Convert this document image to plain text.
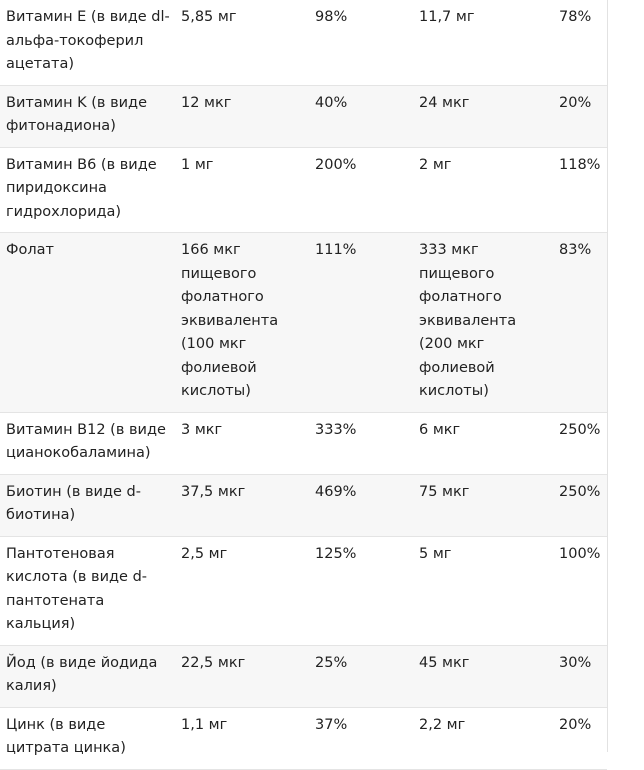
Витамин E (в виде dl-альфа-токоферил ацетата)	5,85 мг	98%	11,7 мг	78%
Витамин K (в виде фитонадиона)	12 мкг	40%	24 мкг	20%
Витамин B6 (в виде пиридоксина гидрохлорида)	1 мг	200%	2 мг	118%
Фолат	166 мкг пищевого фолатного эквивалента (100 мкг фолиевой кислоты)	111%	333 мкг пищевого фолатного эквивалента (200 мкг фолиевой кислоты)	83%
Витамин B12 (в виде цианокобаламина)	3 мкг	333%	6 мкг	250%
Биотин (в виде d-биотина)	37,5 мкг	469%	75 мкг	250%
Пантотеновая кислота (в виде d-пантотената кальция)	2,5 мг	125%	5 мг	100%
Йод (в виде йодида калия)	22,5 мкг	25%	45 мкг	30%
Цинк (в виде цитрата цинка)	1,1 мг	37%	2,2 мг	20%
